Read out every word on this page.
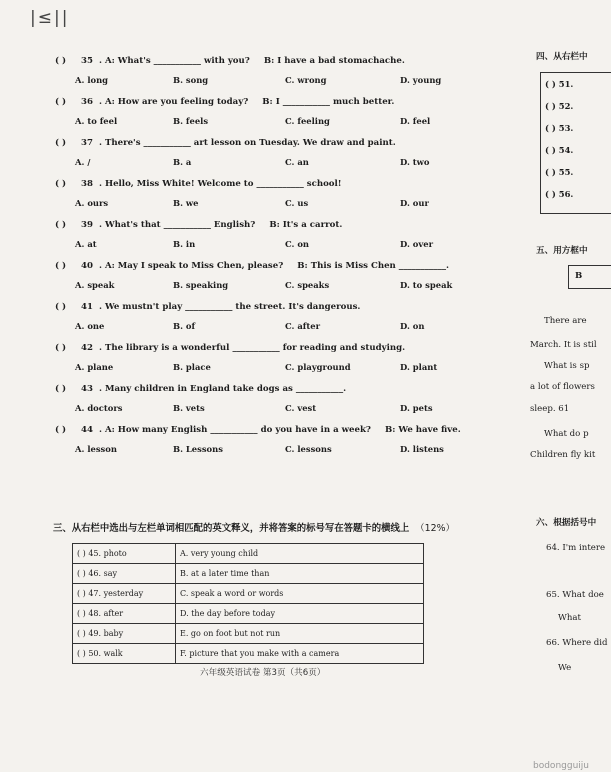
|≤||
( ) 35 . A: What's ___________ with you? B: I have a bad stomachache.
A. long	B. song	C. wrong	D. young
( ) 36 . A: How are you feeling today? B: I ___________ much better.
A. to feel	B. feels	C. feeling	D. feel
( ) 37 . There's ___________ art lesson on Tuesday. We draw and paint.
A. /	B. a	C. an	D. two
( ) 38 . Hello, Miss White! Welcome to ___________ school!
A. ours	B. we	C. us	D. our
( ) 39 . What's that ___________ English? B: It's a carrot.
A. at	B. in	C. on	D. over
( ) 40 . A: May I speak to Miss Chen, please? B: This is Miss Chen ___________.
A. speak	B. speaking	C. speaks	D. to speak
( ) 41 . We mustn't play ___________ the street. It's dangerous.
A. one	B. of	C. after	D. on
( ) 42 . The library is a wonderful ___________ for reading and studying.
A. plane	B. place	C. playground	D. plant
( ) 43 . Many children in England take dogs as ___________.
A. doctors	B. vets	C. vest	D. pets
( ) 44 . A: How many English ___________ do you have in a week? B: We have five.
A. lesson	B. Lessons	C. lessons	D. listens
三、从右栏中选出与左栏单词相匹配的英文释义，并将答案的标号写在答题卡的横线上 （12%）
( ) 45. photo	A. very young child
( ) 46. say	B. at a later time than
( ) 47. yesterday	C. speak a word or words
( ) 48. after	D. the day before today
( ) 49. baby	E. go on foot but not run
( ) 50. walk	F. picture that you make with a camera
六年级英语试卷 第3页（共6页）
四、从右栏中
( ) 51.
( ) 52.
( ) 53.
( ) 54.
( ) 55.
( ) 56.
五、用方框中
B
There are
March. It is stil
What is sp
a lot of flowers
sleep. 61
What do p
Children fly kit
六、根据括号中
64. I'm intere
65. What doe
What
66. Where did
We
bodongguiju
